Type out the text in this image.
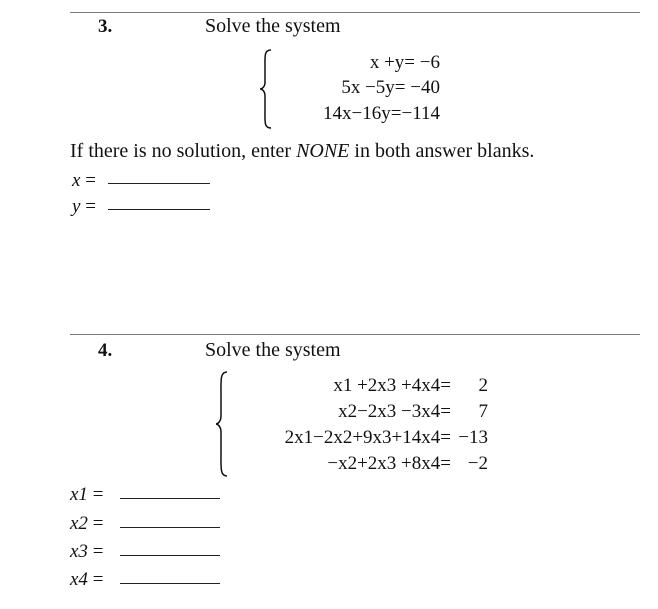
3.	Solve the system
x +y= −6
5x −5y= −40
14x−16y=−114
If there is no solution, enter NONE in both answer blanks.
x =
y =
4.	Solve the system
x1 +2x3 +4x4=	2
x2−2x3 −3x4=	7
2x1−2x2+9x3+14x4= −13
−x2+2x3 +8x4= −2
x1 =
x2 =
x3 =
x4 =
